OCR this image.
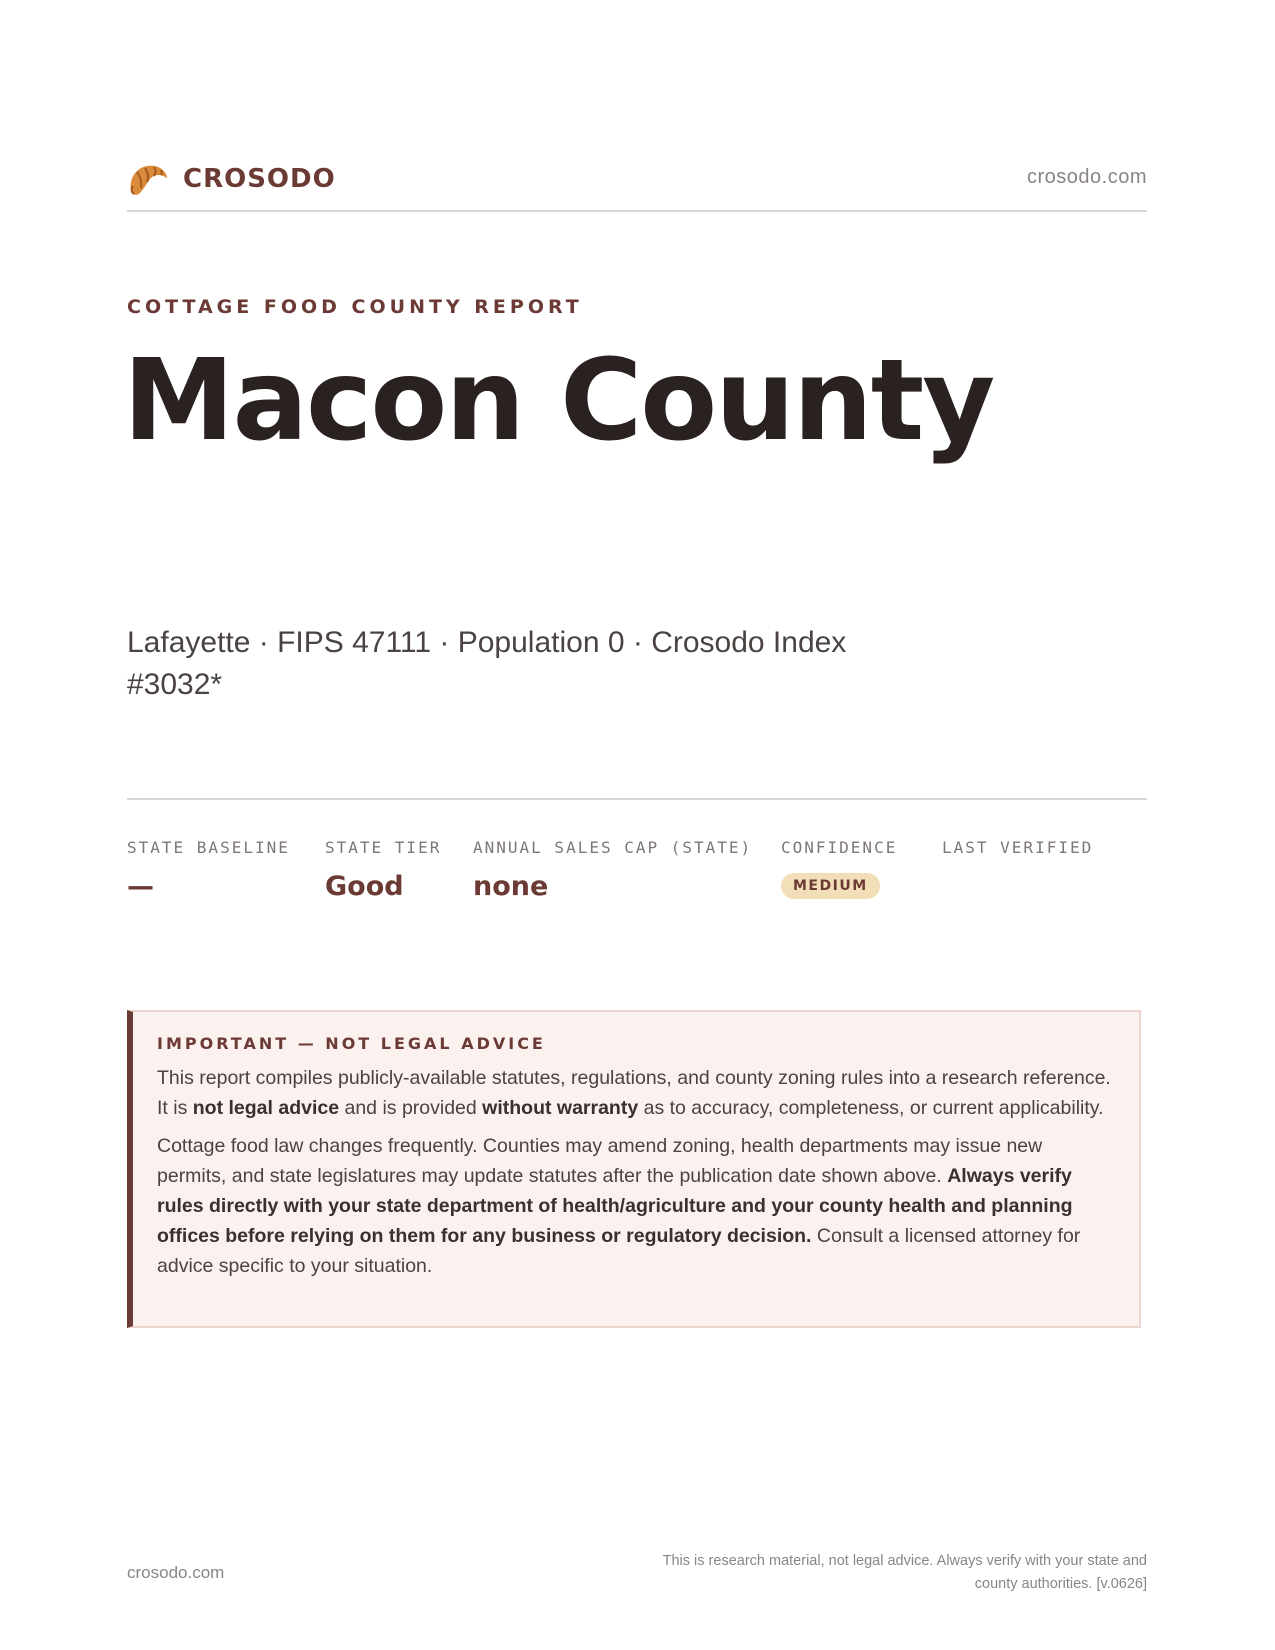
CROSODO	crosodo.com
COTTAGE FOOD COUNTY REPORT
Macon County
Lafayette · FIPS 47111 · Population 0 · Crosodo Index #3032*
STATE BASELINE
—
STATE TIER
Good
ANNUAL SALES CAP (STATE)
none
CONFIDENCE
MEDIUM
LAST VERIFIED
IMPORTANT — NOT LEGAL ADVICE

This report compiles publicly-available statutes, regulations, and county zoning rules into a research reference. It is not legal advice and is provided without warranty as to accuracy, completeness, or current applicability.

Cottage food law changes frequently. Counties may amend zoning, health departments may issue new permits, and state legislatures may update statutes after the publication date shown above. Always verify rules directly with your state department of health/agriculture and your county health and planning offices before relying on them for any business or regulatory decision. Consult a licensed attorney for advice specific to your situation.

crosodo.com
This is research material, not legal advice. Always verify with your state and county authorities. [v.0626]
